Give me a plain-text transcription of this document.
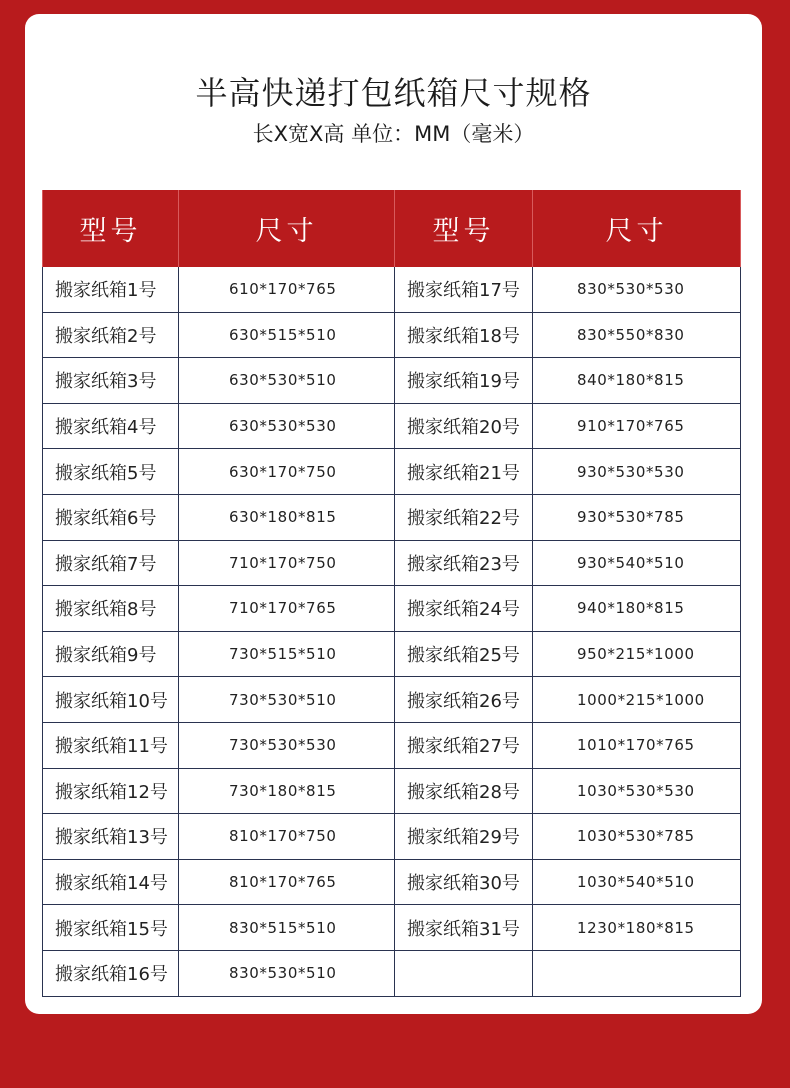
半高快递打包纸箱尺寸规格
长X宽X高 单位：MM（毫米）
型号	尺寸	型号	尺寸
搬家纸箱1号	610*170*765	搬家纸箱17号	830*530*530
搬家纸箱2号	630*515*510	搬家纸箱18号	830*550*830
搬家纸箱3号	630*530*510	搬家纸箱19号	840*180*815
搬家纸箱4号	630*530*530	搬家纸箱20号	910*170*765
搬家纸箱5号	630*170*750	搬家纸箱21号	930*530*530
搬家纸箱6号	630*180*815	搬家纸箱22号	930*530*785
搬家纸箱7号	710*170*750	搬家纸箱23号	930*540*510
搬家纸箱8号	710*170*765	搬家纸箱24号	940*180*815
搬家纸箱9号	730*515*510	搬家纸箱25号	950*215*1000
搬家纸箱10号	730*530*510	搬家纸箱26号	1000*215*1000
搬家纸箱11号	730*530*530	搬家纸箱27号	1010*170*765
搬家纸箱12号	730*180*815	搬家纸箱28号	1030*530*530
搬家纸箱13号	810*170*750	搬家纸箱29号	1030*530*785
搬家纸箱14号	810*170*765	搬家纸箱30号	1030*540*510
搬家纸箱15号	830*515*510	搬家纸箱31号	1230*180*815
搬家纸箱16号	830*530*510		
